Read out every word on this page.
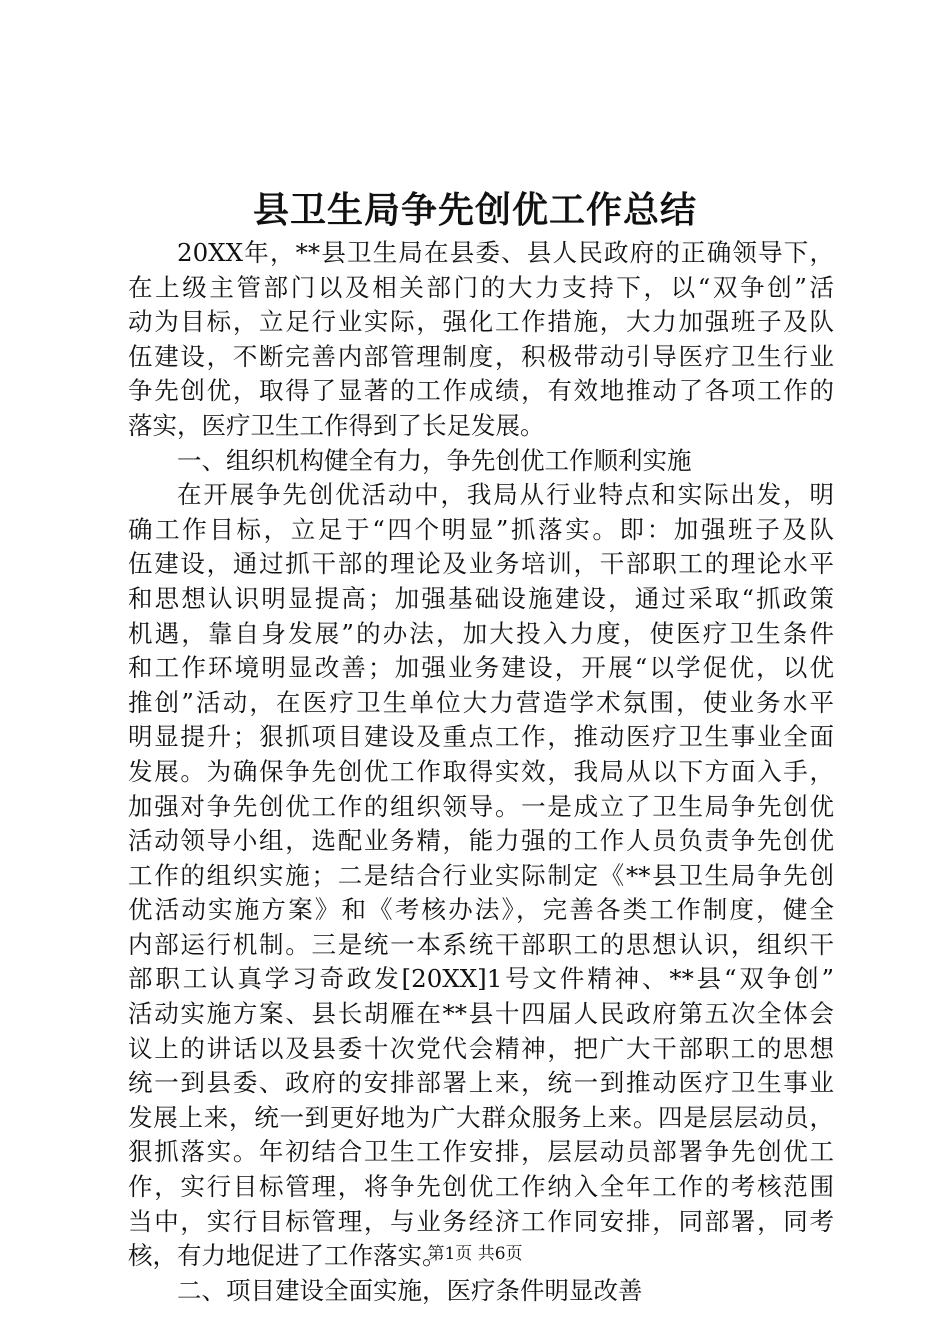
县卫生局争先创优工作总结
20XX年，**县卫生局在县委、县人民政府的正确领导下，
在上级主管部门以及相关部门的大力支持下，以“双争创”活
动为目标，立足行业实际，强化工作措施，大力加强班子及队
伍建设，不断完善内部管理制度，积极带动引导医疗卫生行业
争先创优，取得了显著的工作成绩，有效地推动了各项工作的
落实，医疗卫生工作得到了长足发展。
一、组织机构健全有力，争先创优工作顺利实施
在开展争先创优活动中，我局从行业特点和实际出发，明
确工作目标，立足于“四个明显”抓落实。即：加强班子及队
伍建设，通过抓干部的理论及业务培训，干部职工的理论水平
和思想认识明显提高；加强基础设施建设，通过采取“抓政策
机遇，靠自身发展”的办法，加大投入力度，使医疗卫生条件
和工作环境明显改善；加强业务建设，开展“以学促优，以优
推创”活动，在医疗卫生单位大力营造学术氛围，使业务水平
明显提升；狠抓项目建设及重点工作，推动医疗卫生事业全面
发展。为确保争先创优工作取得实效，我局从以下方面入手，
加强对争先创优工作的组织领导。一是成立了卫生局争先创优
活动领导小组，选配业务精，能力强的工作人员负责争先创优
工作的组织实施；二是结合行业实际制定《**县卫生局争先创
优活动实施方案》和《考核办法》，完善各类工作制度，健全
内部运行机制。三是统一本系统干部职工的思想认识，组织干
部职工认真学习奇政发[20XX]1号文件精神、**县“双争创”
活动实施方案、县长胡雁在**县十四届人民政府第五次全体会
议上的讲话以及县委十次党代会精神，把广大干部职工的思想
统一到县委、政府的安排部署上来，统一到推动医疗卫生事业
发展上来，统一到更好地为广大群众服务上来。四是层层动员，
狠抓落实。年初结合卫生工作安排，层层动员部署争先创优工
作，实行目标管理，将争先创优工作纳入全年工作的考核范围
当中，实行目标管理，与业务经济工作同安排，同部署，同考
核，有力地促进了工作落实。
二、项目建设全面实施，医疗条件明显改善
第1页 共6页
